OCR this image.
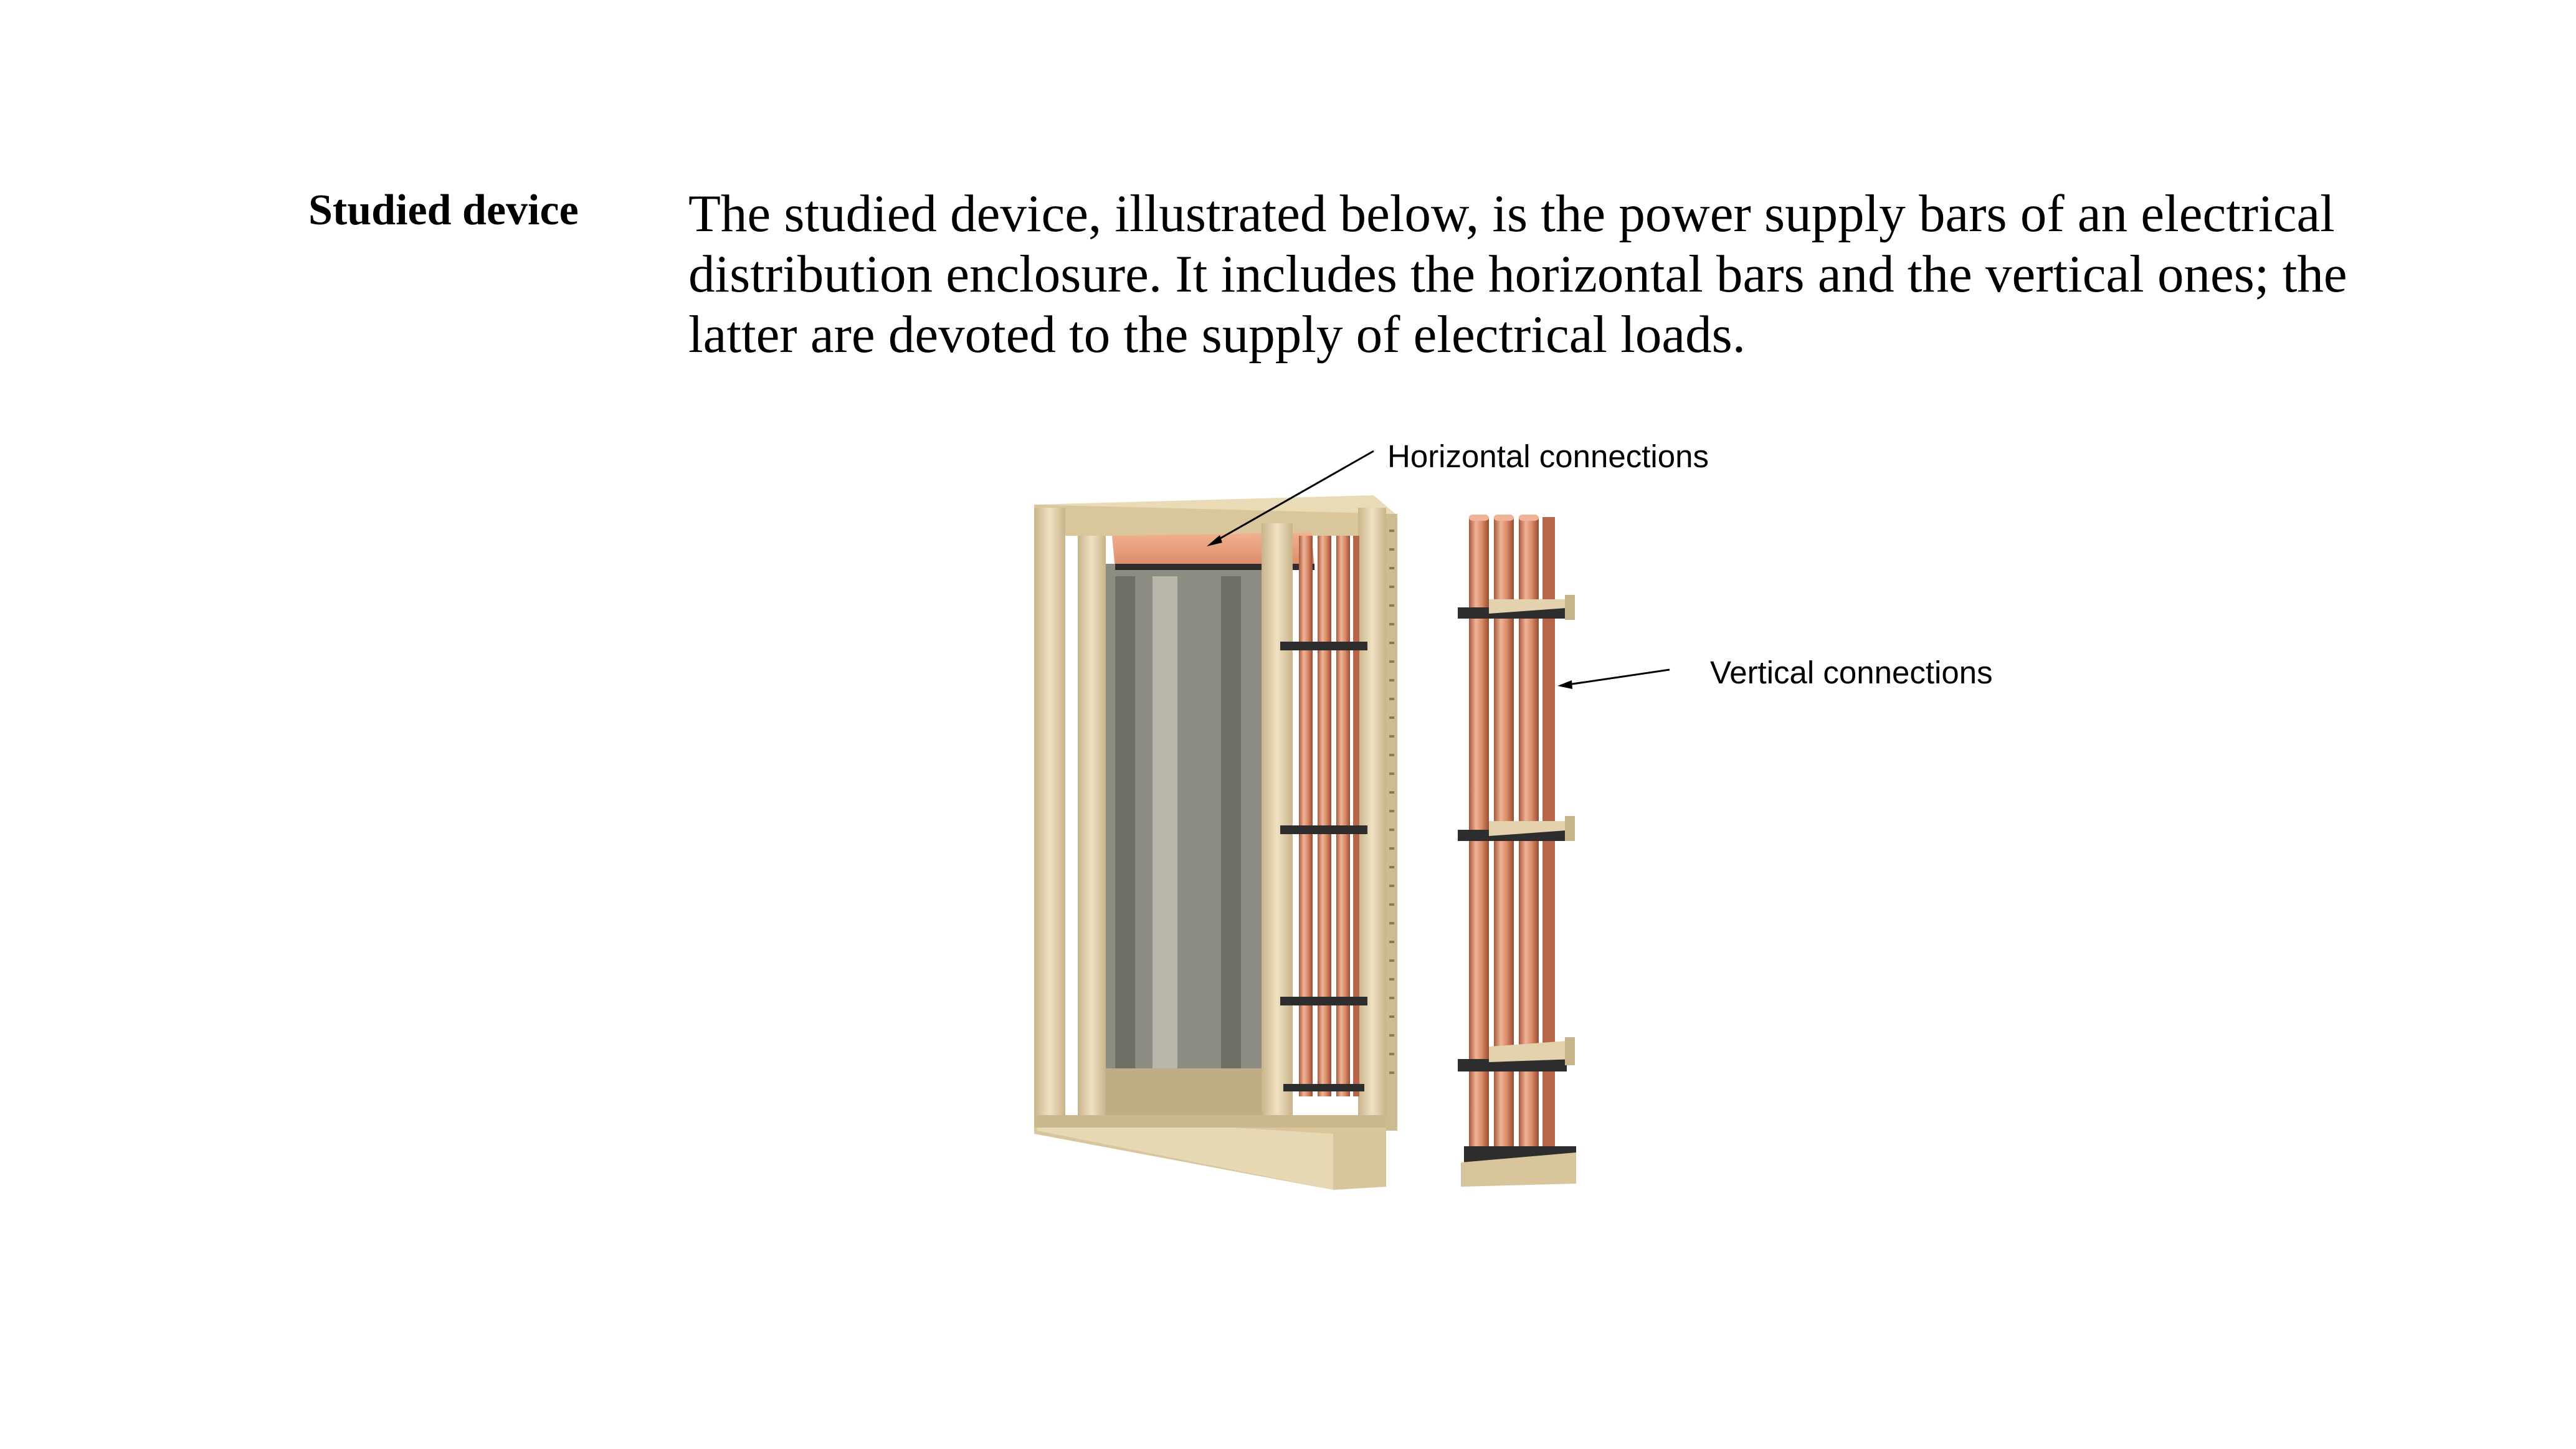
Studied device The studied device, illustrated below, is the power supply bars of an electrical
distribution enclosure. It includes the horizontal bars and the vertical ones; the
latter are devoted to the supply of electrical loads.
Horizontal connections
Vertical connections
